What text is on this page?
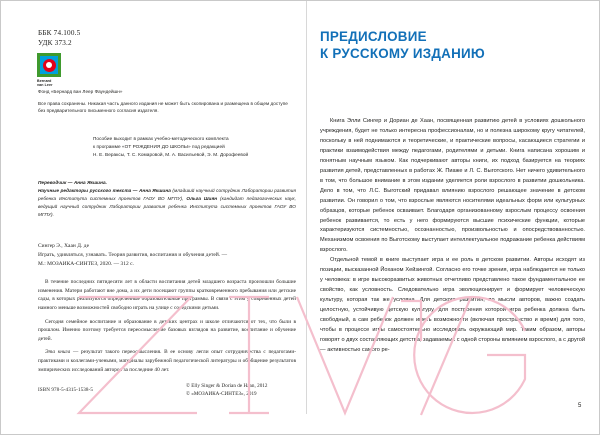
ББК 74.100.5
УДК 373.2
Bernard
van Leer
Фонд «Бернард ван Леер Фаундейшн»
Все права сохранены. Никакая часть данного издания не может быть скопирована и размещена в общем доступе без предварительного письменного согласия издателя.
Пособие выходит в рамках учебно-методического комплекта
к программе «ОТ РОЖДЕНИЯ ДО ШКОЛЫ» под редакцией
Н. Е. Вераксы, Т. С. Комаровой, М. А. Васильевой, Э. М. Дорофеевой
Переводчик — Анна Якшина.
Научные редакторы русского текста — Анна Якшина (младший научный сотрудник Лаборатории развития ребенка Института системных проектов ГАОУ ВО МГПУ), Ольга Шиян (кандидат педагогических наук, ведущий научный сотрудник Лаборатории развития ребенка Института системных проектов ГАОУ ВО МГПУ).
Сингер Э., Хаан Д. де
Играть, удивляться, узнавать. Теория развития, воспитания и обучения детей. —
М.: МОЗАИКА-СИНТЕЗ, 2020. — 312 с.

В течение последних пятидесяти лет в области воспитания детей младшего возраста произошли большие изменения. Матери работают вне дома, а их дети посещают группы кратковременного пребывания или детские сады, в которых реализуются определенные образовательные программы. В связи с этим у современных детей намного меньше возможностей свободно играть на улице с соседскими детьми.

Сегодня семейное воспитание и образование в детских центрах и школе отличаются от тех, что были в прошлом. Именно поэтому требуется переосмысление базовых взглядов на развитие, воспитание и обучение детей.

Эта книга — результат такого переосмысления. В ее основу легли опыт сотрудничества с педагогами-практиками и коллегами-учеными, материалы зарубежной педагогической литературы и обобщение результатов эмпирических исследований авторов за последние 40 лет.

ISBN 978-5-4315-1538-5
© Elly Singer & Dorian de Haan, 2012
© «МОЗАИКА-СИНТЕЗ», 2019
ПРЕДИСЛОВИЕ
К РУССКОМУ ИЗДАНИЮ

Книга Элли Сингер и Дориан де Хаан, посвященная развитию детей в условиях дошкольного учреждения, будет не только интересна профессионалам, но и полезна широкому кругу читателей, поскольку в ней поднимаются и теоретические, и практические вопросы, касающиеся стратегии и практики взаимодействия между педагогами, родителями и детьми. Книга написана хорошим и понятным научным языком. Как подчеркивают авторы книги, их подход базируется на теориях развития детей, представленных в работах Ж. Пиаже и Л. С. Выготского. Нет ничего удивительного в том, что большое внимание в этом издании уделяется роли взрослого в развитии дошкольника. Дело в том, что Л.С. Выготский придавал влиянию взрослого решающее значение в детском развитии. Он говорил о том, что взрослые являются носителями идеальных форм или культурных образцов, которые ребенок осваивает. Благодаря организованному взрослым процессу освоения ребенок развивается, то есть у него формируются высшие психические функции, которые характеризуются системностью, осознанностью, произвольностью и опосредствованностью. Механизмом освоения по Выготскому выступает интеллектуальное подражание ребенка действиям взрослого.

Отдельной темой в книге выступает игра и ее роль в детском развитии. Авторы исходят из позиции, высказанной Йоханом Хейзингой. Согласно его точке зрения, игра наблюдается не только у человека: в игре высокоразвитых животных отчетливо представлено такое фундаментальное ее свойство, как условность. Следовательно игра эволюционирует и формирует человеческую культуру, которая так же условна. Для детского развития, по мысли авторов, важно создать целостную, устойчивую детскую культуру, для построения которой игра ребенка должна быть свободный, а сам ребенок должен иметь возможности (включая пространство и время) для того, чтобы в процессе игры самостоятельно исследовать окружающий мир. Таким образом, авторы говорят о двух составляющих детства, задаваемых с одной стороны влиянием взрослого, а с другой — активностью самого ре-

5
